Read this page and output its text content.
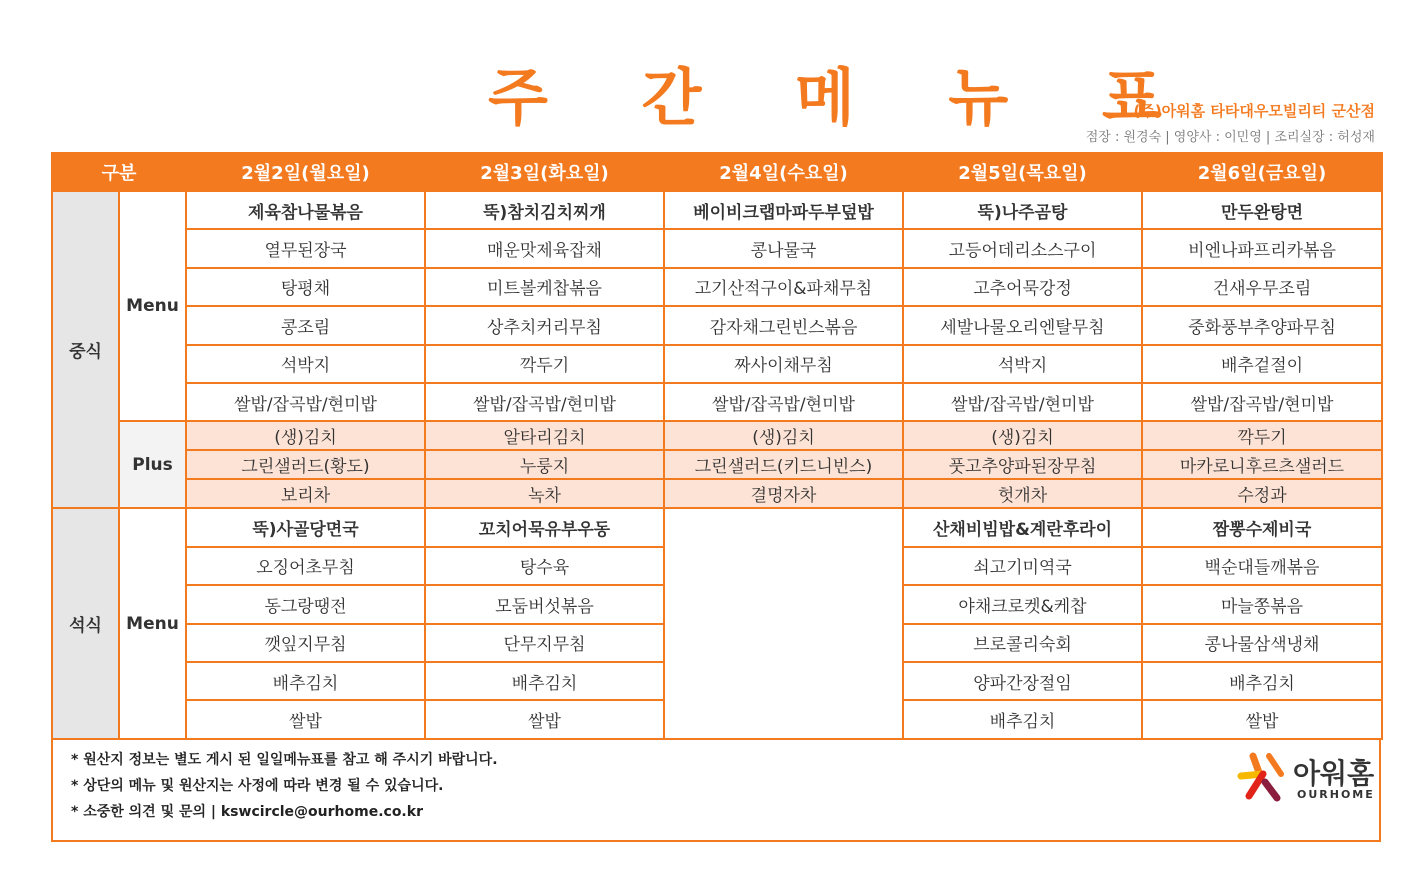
주 간 메 뉴 표
(주)아워홈 타타대우모빌리티 군산점
점장 : 원경숙 | 영양사 : 이민영 | 조리실장 : 허성재
구분		2월2일(월요일)	2월3일(화요일)	2월4일(수요일)	2월5일(목요일)	2월6일(금요일)
중식	Menu	제육참나물볶음	뚝)참치김치찌개	베이비크랩마파두부덮밥	뚝)나주곰탕	만두완탕면
		열무된장국	매운맛제육잡채	콩나물국	고등어데리소스구이	비엔나파프리카볶음
		탕평채	미트볼케찹볶음	고기산적구이&파채무침	고추어묵강정	건새우무조림
		콩조림	상추치커리무침	감자채그린빈스볶음	세발나물오리엔탈무침	중화풍부추양파무침
		석박지	깍두기	짜사이채무침	석박지	배추겉절이
		쌀밥/잡곡밥/현미밥	쌀밥/잡곡밥/현미밥	쌀밥/잡곡밥/현미밥	쌀밥/잡곡밥/현미밥	쌀밥/잡곡밥/현미밥
	Plus	(생)김치	알타리김치	(생)김치	(생)김치	깍두기
		그린샐러드(황도)	누룽지	그린샐러드(키드니빈스)	풋고추양파된장무침	마카로니후르츠샐러드
		보리차	녹차	결명자차	헛개차	수정과
석식	Menu	뚝)사골당면국	꼬치어묵유부우동		산채비빔밥&계란후라이	짬뽕수제비국
		오징어초무침	탕수육		쇠고기미역국	백순대들깨볶음
		동그랑땡전	모둠버섯볶음		야채크로켓&케찹	마늘쫑볶음
		깻잎지무침	단무지무침		브로콜리숙회	콩나물삼색냉채
		배추김치	배추김치		양파간장절임	배추김치
		쌀밥	쌀밥		배추김치	쌀밥
* 원산지 정보는 별도 게시 된 일일메뉴표를 참고 해 주시기 바랍니다.
* 상단의 메뉴 및 원산지는 사정에 따라 변경 될 수 있습니다.
* 소중한 의견 및 문의 | kswcircle@ourhome.co.kr
아워홈
OURHOME
